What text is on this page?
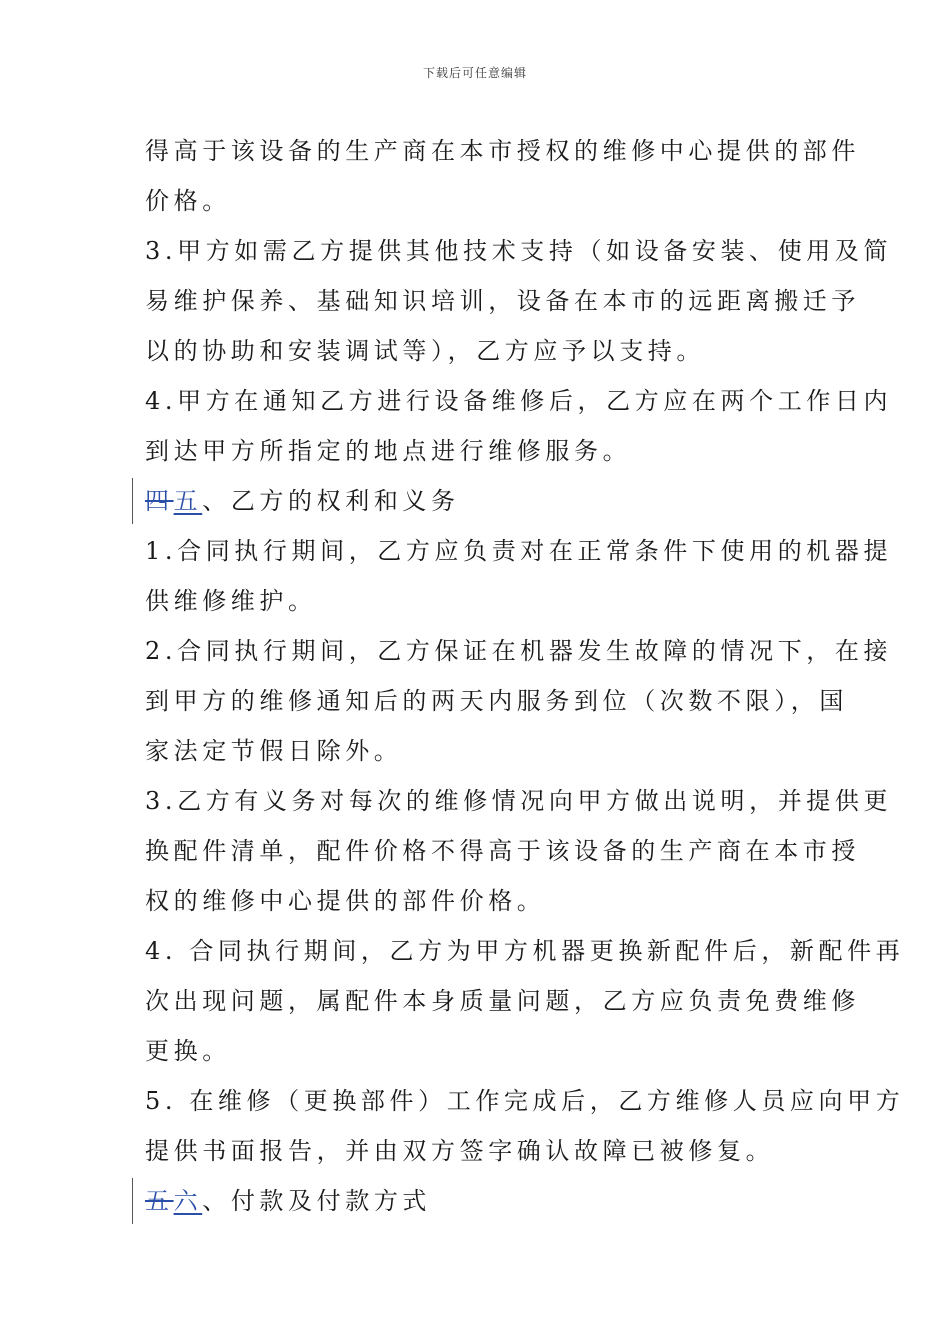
下载后可任意编辑
得高于该设备的生产商在本市授权的维修中心提供的部件
价格。
3.甲方如需乙方提供其他技术支持（如设备安装、使用及简
易维护保养、基础知识培训，设备在本市的远距离搬迁予
以的协助和安装调试等），乙方应予以支持。
4.甲方在通知乙方进行设备维修后，乙方应在两个工作日内
到达甲方所指定的地点进行维修服务。
四五、乙方的权利和义务
1.合同执行期间，乙方应负责对在正常条件下使用的机器提
供维修维护。
2.合同执行期间，乙方保证在机器发生故障的情况下，在接
到甲方的维修通知后的两天内服务到位（次数不限），国
家法定节假日除外。
3.乙方有义务对每次的维修情况向甲方做出说明，并提供更
换配件清单，配件价格不得高于该设备的生产商在本市授
权的维修中心提供的部件价格。
4. 合同执行期间，乙方为甲方机器更换新配件后，新配件再
次出现问题，属配件本身质量问题，乙方应负责免费维修
更换。
5. 在维修（更换部件）工作完成后，乙方维修人员应向甲方
提供书面报告，并由双方签字确认故障已被修复。
五六、付款及付款方式
